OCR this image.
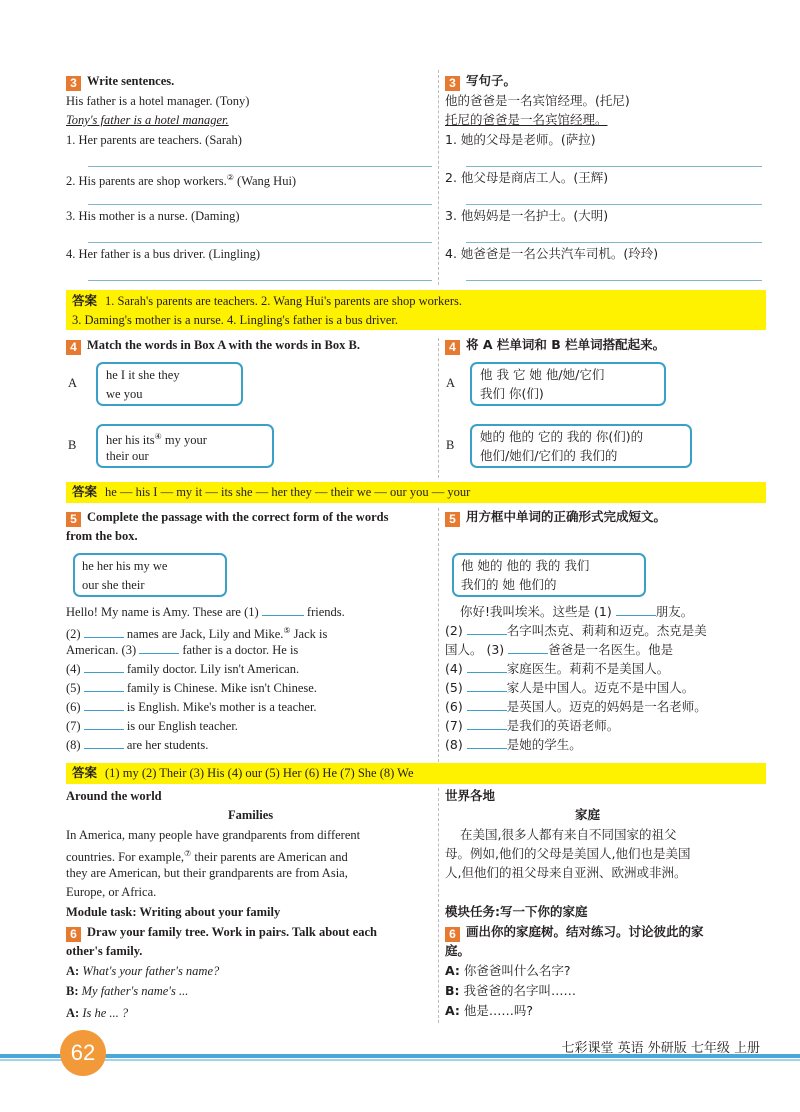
3 Write sentences.	3 写句子。
His father is a hotel manager. (Tony)	他的爸爸是一名宾馆经理。(托尼)
Tony's father is a hotel manager.	托尼的爸爸是一名宾馆经理。
1. Her parents are teachers. (Sarah)	1. 她的父母是老师。(萨拉)
2. His parents are shop workers.② (Wang Hui)	2. 他父母是商店工人。(王辉)
3. His mother is a nurse. (Daming)	3. 他妈妈是一名护士。(大明)
4. Her father is a bus driver. (Lingling)	4. 她爸爸是一名公共汽车司机。(玲玲)
答案 1. Sarah's parents are teachers. 2. Wang Hui's parents are shop workers.
3. Daming's mother is a nurse. 4. Lingling's father is a bus driver.
4 Match the words in Box A with the words in Box B.	4 将 A 栏单词和 B 栏单词搭配起来。
A
he I it she they
we you
A
他 我 它 她 他/她/它们
我们 你(们)
B her his its④ my your
their our
B
她的 他的 它的 我的 你(们)的
他们/她们/它们的 我们的
答案 he — his I — my it — its she — her they — their we — our you — your
5 Complete the passage with the correct form of the words
from the box.
5 用方框中单词的正确形式完成短文。
he her his my we
our she their
他 她的 他的 我的 我们
我们的 她 他们的
Hello! My name is Amy. These are (1)	friends.
(2)	names are Jack, Lily and Mike.⑤ Jack is
American. (3)	father is a doctor. He is
(4)	family doctor. Lily isn't American.
(5)	family is Chinese. Mike isn't Chinese.
(6)	is English. Mike's mother is a teacher.
(7)	is our English teacher.
(8)	are her students.
你好!我叫埃米。这些是 (1)	朋友。
(2)	名字叫杰克、莉莉和迈克。杰克是美
国人。 (3)	爸爸是一名医生。他是
(4)	家庭医生。莉莉不是美国人。
(5)	家人是中国人。迈克不是中国人。
(6)	是英国人。迈克的妈妈是一名老师。
(7)	是我们的英语老师。
(8)	是她的学生。
答案 (1) my (2) Their (3) His (4) our (5) Her (6) He (7) She (8) We
Around the world	世界各地
Families	家庭
In America, many people have grandparents from different
countries. For example,⑦ their parents are American and
they are American, but their grandparents are from Asia,
Europe, or Africa.
在美国,很多人都有来自不同国家的祖父
母。例如,他们的父母是美国人,他们也是美国
人,但他们的祖父母来自亚洲、欧洲或非洲。
Module task: Writing about your family	模块任务:写一下你的家庭
6 Draw your family tree. Work in pairs. Talk about each
other's family.
6 画出你的家庭树。结对练习。讨论彼此的家
庭。
A: What's your father's name?
B: My father's name's ...
A: Is he ... ?
A: 你爸爸叫什么名字?
B: 我爸爸的名字叫……
A: 他是……吗?
62	七彩课堂 英语 外研版 七年级 上册
